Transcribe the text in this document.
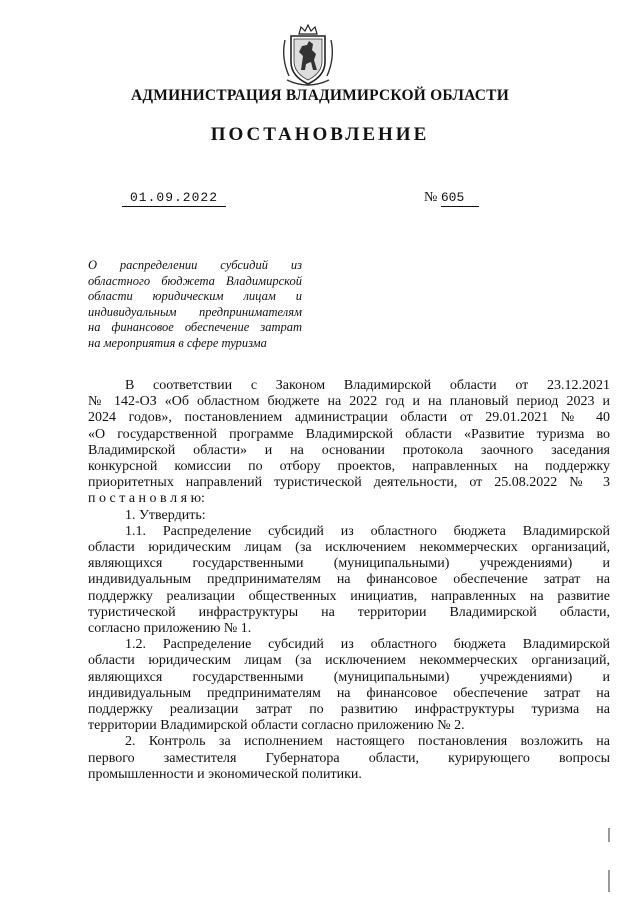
АДМИНИСТРАЦИЯ ВЛАДИМИРСКОЙ ОБЛАСТИ
ПОСТАНОВЛЕНИЕ
01.09.2022	№ 605
О распределении субсидий из
областного бюджета Владимирской
области юридическим лицам и
индивидуальным предпринимателям
на финансовое обеспечение затрат
на мероприятия в сфере туризма

В соответствии с Законом Владимирской области от 23.12.2021
№ 142-ОЗ «Об областном бюджете на 2022 год и на плановый период 2023 и
2024 годов», постановлением администрации области от 29.01.2021 № 40
«О государственной программе Владимирской области «Развитие туризма во
Владимирской области» и на основании протокола заочного заседания
конкурсной комиссии по отбору проектов, направленных на поддержку
приоритетных направлений туристической деятельности, от 25.08.2022 № 3
п о с т а н о в л я ю:

1. Утвердить:

1.1. Распределение субсидий из областного бюджета Владимирской
области юридическим лицам (за исключением некоммерческих организаций,
являющихся государственными (муниципальными) учреждениями) и
индивидуальным предпринимателям на финансовое обеспечение затрат на
поддержку реализации общественных инициатив, направленных на развитие
туристической инфраструктуры на территории Владимирской области,
согласно приложению № 1.

1.2. Распределение субсидий из областного бюджета Владимирской
области юридическим лицам (за исключением некоммерческих организаций,
являющихся государственными (муниципальными) учреждениями) и
индивидуальным предпринимателям на финансовое обеспечение затрат на
поддержку реализации затрат по развитию инфраструктуры туризма на
территории Владимирской области согласно приложению № 2.

2. Контроль за исполнением настоящего постановления возложить на
первого заместителя Губернатора области, курирующего вопросы
промышленности и экономической политики.
